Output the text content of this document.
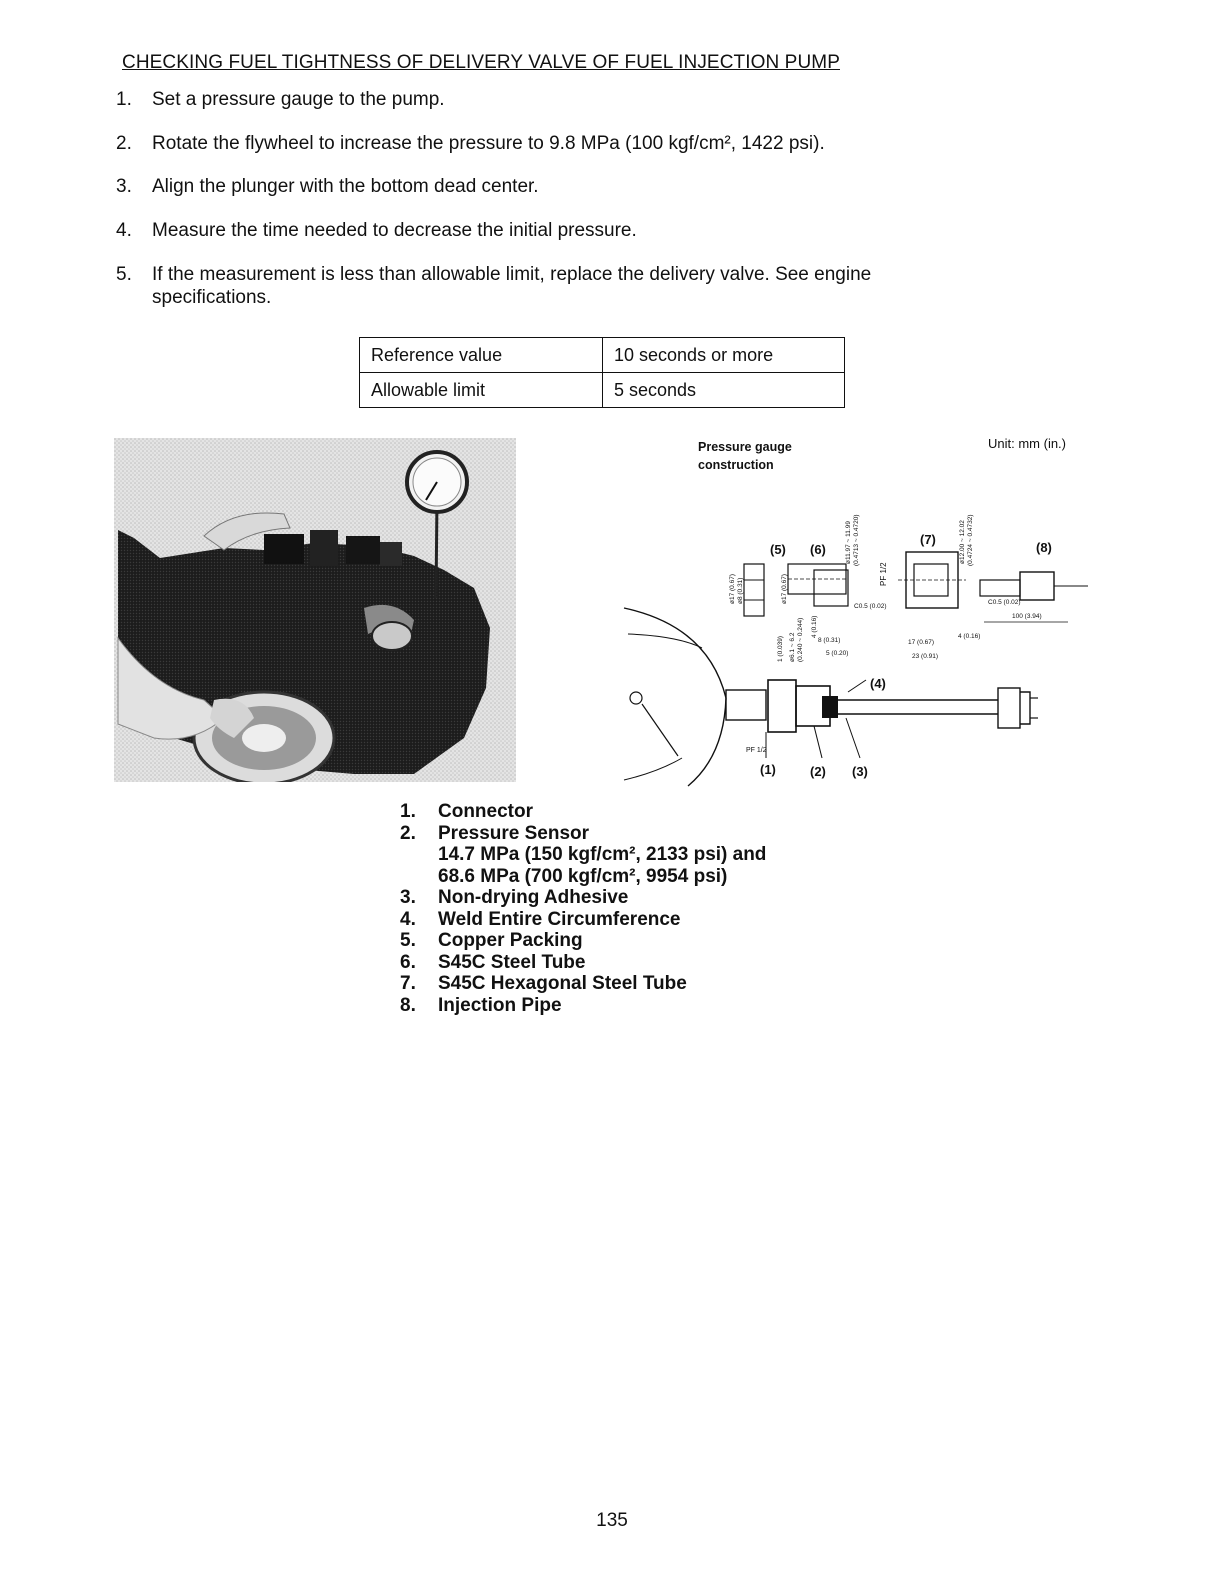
CHECKING FUEL TIGHTNESS OF DELIVERY VALVE OF FUEL INJECTION PUMP
1.	Set a pressure gauge to the pump.
2.	Rotate the flywheel to increase the pressure to 9.8 MPa (100 kgf/cm², 1422 psi).
3.	Align the plunger with the bottom dead center.
4.	Measure the time needed to decrease the initial pressure.
5.	If the measurement is less than allowable limit, replace the delivery valve. See engine specifications.
Reference value	10 seconds or more
Allowable limit	5 seconds
Pressure gauge
construction
Unit: mm (in.)
(1)	(2) (3)
(4)
PF 1/2
(5)
ø17 (0.67) ø8 (0.31)
1 (0.039)
(6)
ø17 (0.67)
ø6.1 ~ 6.2 (0.240 ~ 0.244) 4 (0.16)
8 (0.31)
5 (0.20)
C0.5 (0.02)
ø11.97 ~ 11.99 (0.4713 ~ 0.4720)
PF 1/2
(7)	ø12.00 ~ 12.02 (0.4724 ~ 0.4732)
17 (0.67)
4 (0.16)
23 (0.91)
(8)
C0.5 (0.02)
100 (3.94)
1. Connector
2. Pressure Sensor
14.7 MPa (150 kgf/cm², 2133 psi) and
68.6 MPa (700 kgf/cm², 9954 psi)
3. Non-drying Adhesive
4. Weld Entire Circumference
5. Copper Packing
6. S45C Steel Tube
7. S45C Hexagonal Steel Tube
8. Injection Pipe
135
